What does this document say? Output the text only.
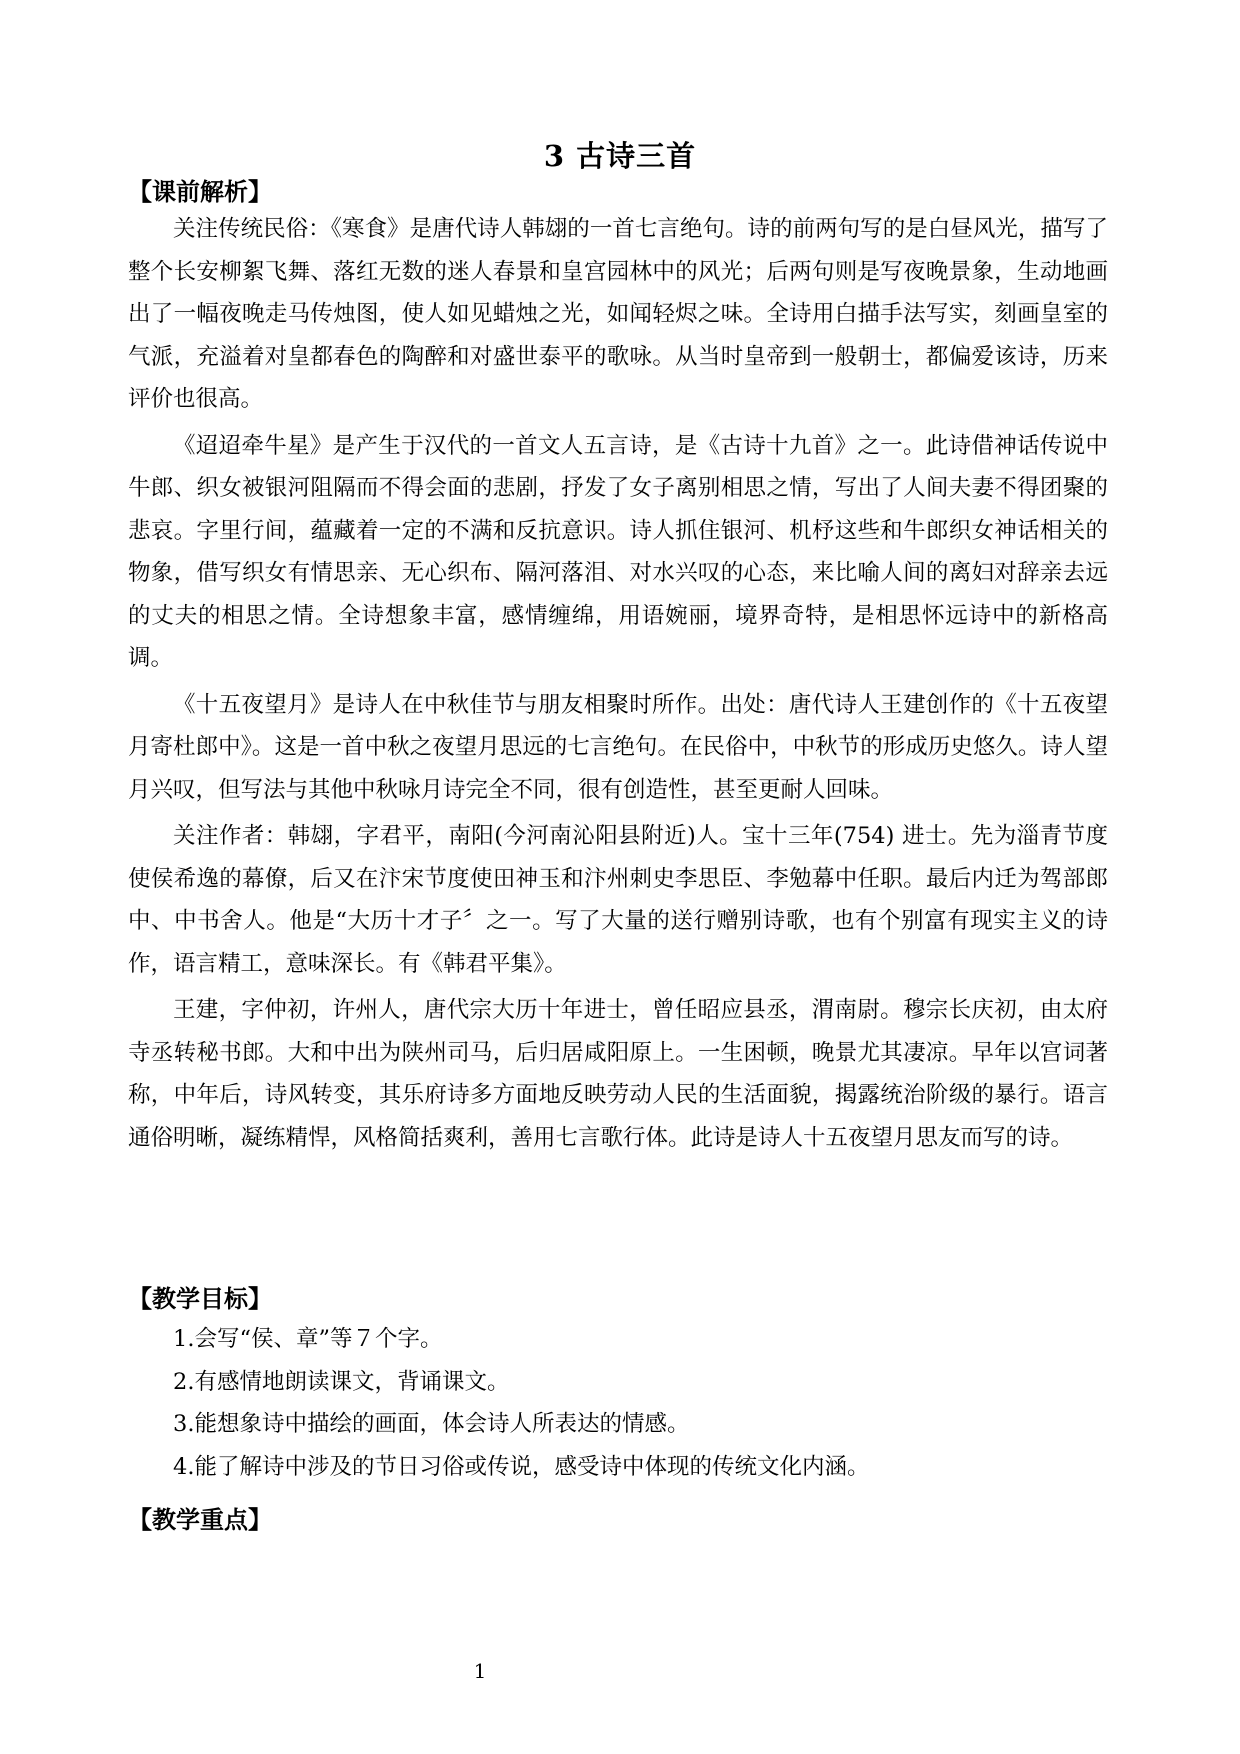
3 古诗三首
【课前解析】

关注传统民俗：《寒食》是唐代诗人韩翃的一首七言绝句。诗的前两句写的是白昼风光，描写了整个长安柳絮飞舞、落红无数的迷人春景和皇宫园林中的风光；后两句则是写夜晚景象，生动地画出了一幅夜晚走马传烛图，使人如见蜡烛之光，如闻轻烬之味。全诗用白描手法写实，刻画皇室的气派，充溢着对皇都春色的陶醉和对盛世泰平的歌咏。从当时皇帝到一般朝士，都偏爱该诗，历来评价也很高。

《迢迢牵牛星》是产生于汉代的一首文人五言诗，是《古诗十九首》之一。此诗借神话传说中牛郎、织女被银河阻隔而不得会面的悲剧，抒发了女子离别相思之情，写出了人间夫妻不得团聚的悲哀。字里行间，蕴藏着一定的不满和反抗意识。诗人抓住银河、机杼这些和牛郎织女神话相关的物象，借写织女有情思亲、无心织布、隔河落泪、对水兴叹的心态，来比喻人间的离妇对辞亲去远的丈夫的相思之情。全诗想象丰富，感情缠绵，用语婉丽，境界奇特，是相思怀远诗中的新格高调。

《十五夜望月》是诗人在中秋佳节与朋友相聚时所作。出处：唐代诗人王建创作的《十五夜望月寄杜郎中》。这是一首中秋之夜望月思远的七言绝句。在民俗中，中秋节的形成历史悠久。诗人望月兴叹，但写法与其他中秋咏月诗完全不同，很有创造性，甚至更耐人回味。

关注作者：韩翃，字君平，南阳(今河南沁阳县附近)人。宝十三年(754) 进士。先为淄青节度使侯希逸的幕僚，后又在汴宋节度使田神玉和汴州刺史李思臣、李勉幕中任职。最后内迁为驾部郎中、中书舍人。他是“大历十才子〞之一。写了大量的送行赠别诗歌，也有个别富有现实主义的诗作，语言精工，意味深长。有《韩君平集》。

王建，字仲初，许州人，唐代宗大历十年进士，曾任昭应县丞，渭南尉。穆宗长庆初，由太府寺丞转秘书郎。大和中出为陕州司马，后归居咸阳原上。一生困顿，晚景尤其凄凉。早年以宫词著称，中年后，诗风转变，其乐府诗多方面地反映劳动人民的生活面貌，揭露统治阶级的暴行。语言通俗明晰，凝练精悍，风格简括爽利，善用七言歌行体。此诗是诗人十五夜望月思友而写的诗。

【教学目标】
1.会写“侯、章”等７个字。
2.有感情地朗读课文，背诵课文。
3.能想象诗中描绘的画面，体会诗人所表达的情感。
4.能了解诗中涉及的节日习俗或传说，感受诗中体现的传统文化内涵。
【教学重点】
1
